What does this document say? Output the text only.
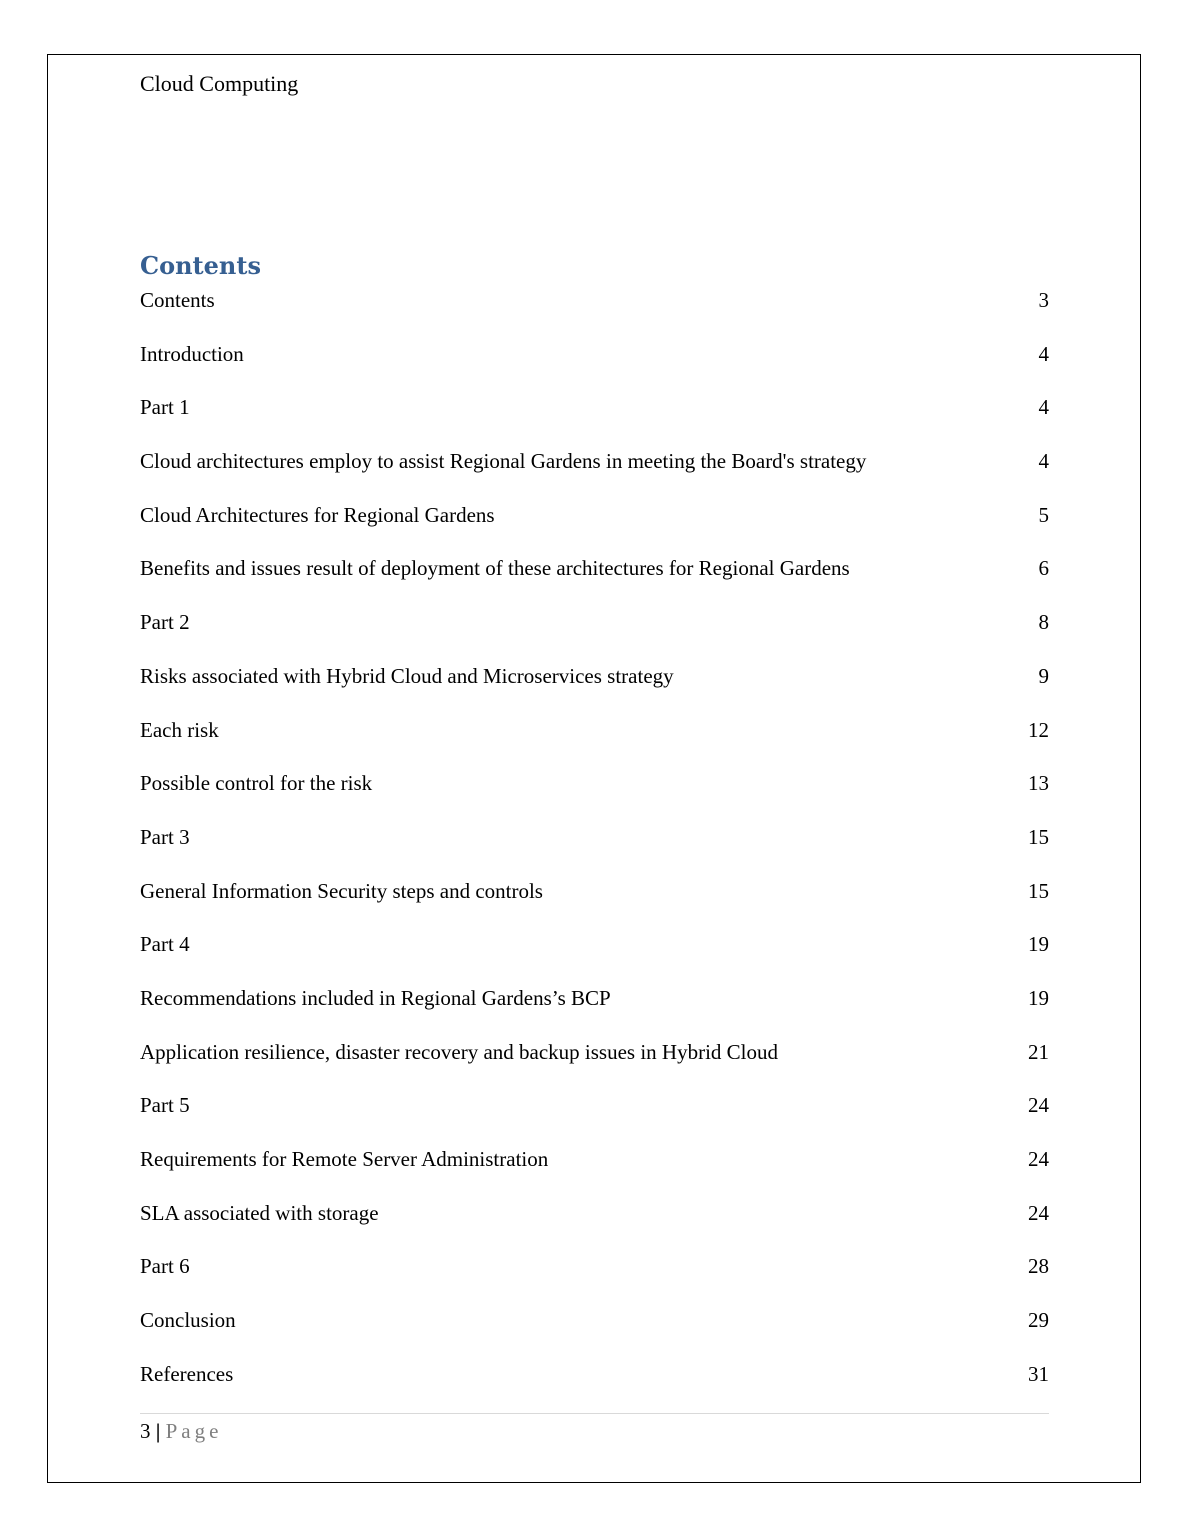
Cloud Computing
Contents
Contents	3
Introduction	4
Part 1	4
Cloud architectures employ to assist Regional Gardens in meeting the Board's strategy	4
Cloud Architectures for Regional Gardens	5
Benefits and issues result of deployment of these architectures for Regional Gardens	6
Part 2	8
Risks associated with Hybrid Cloud and Microservices strategy	9
Each risk	12
Possible control for the risk	13
Part 3	15
General Information Security steps and controls	15
Part 4	19
Recommendations included in Regional Gardens’s BCP	19
Application resilience, disaster recovery and backup issues in Hybrid Cloud	21
Part 5	24
Requirements for Remote Server Administration	24
SLA associated with storage	24
Part 6	28
Conclusion	29
References	31
3 | Page
